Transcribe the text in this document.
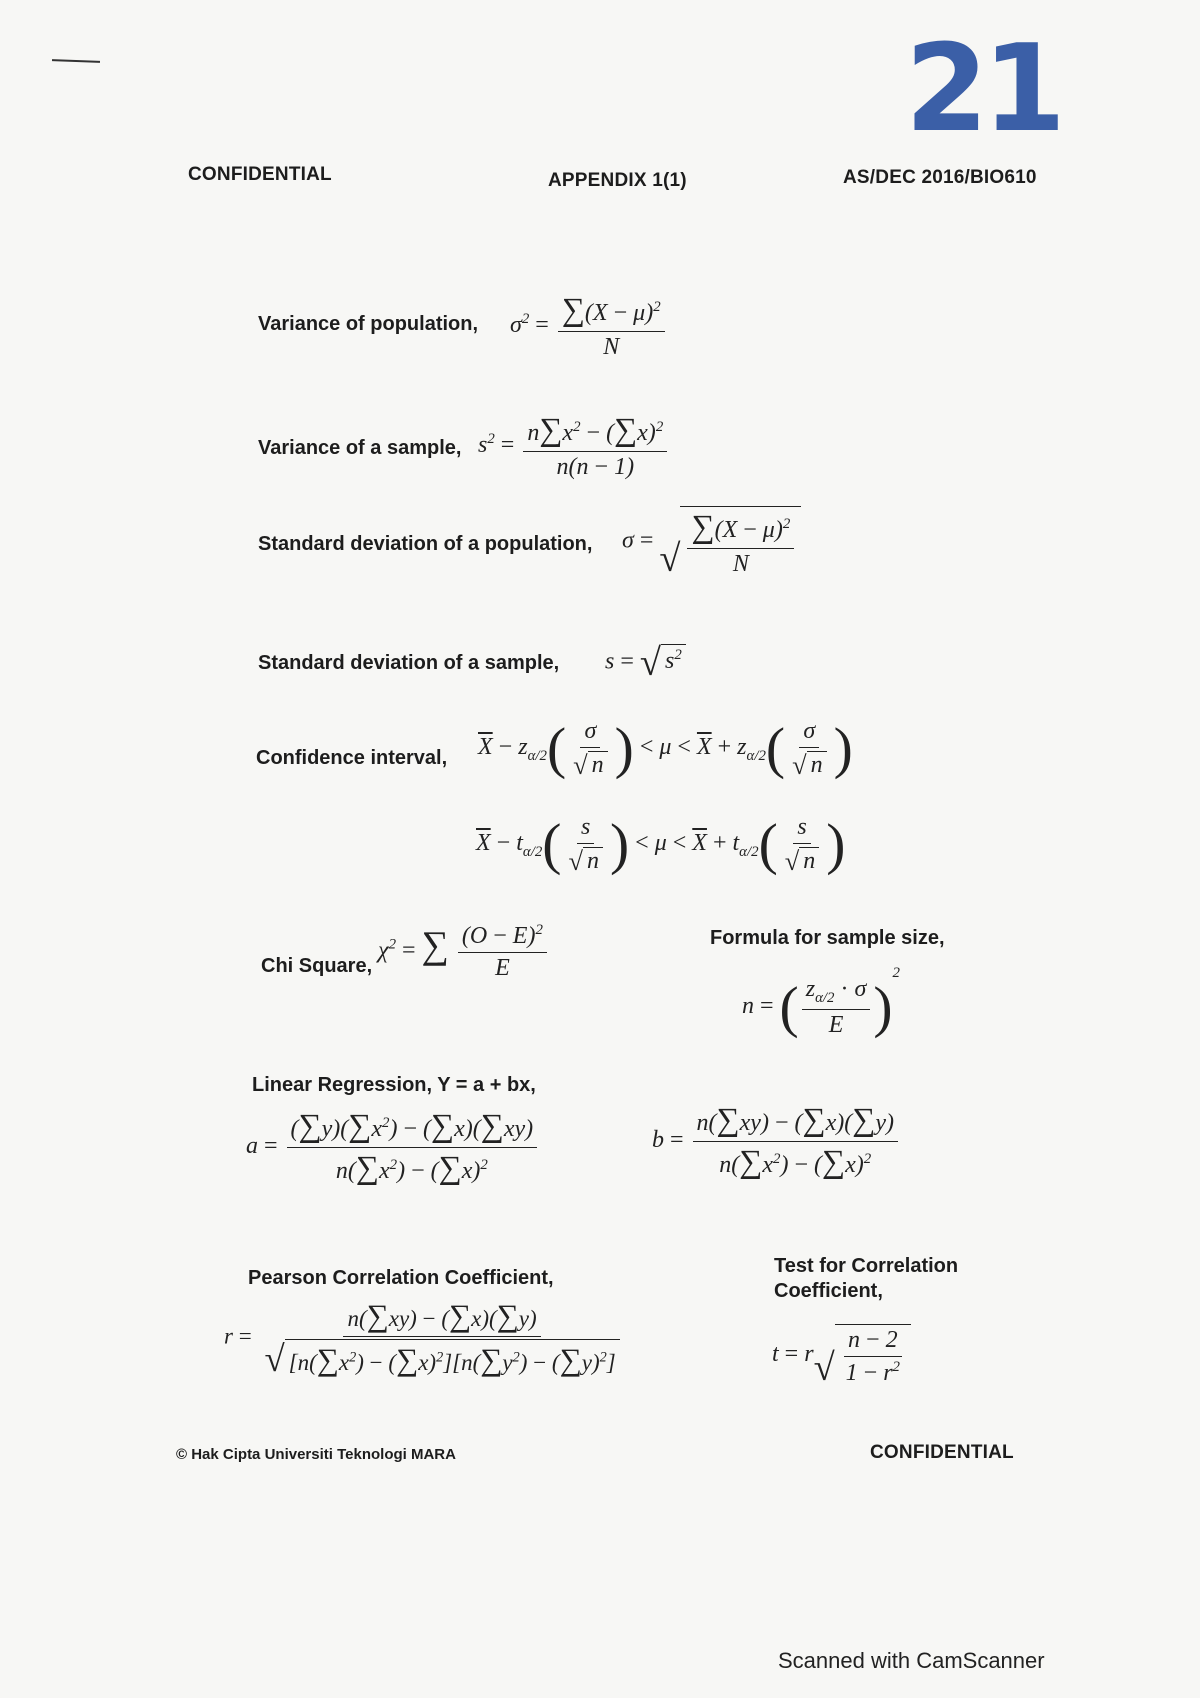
21
CONFIDENTIAL	APPENDIX 1(1)	AS/DEC 2016/BIO610
Variance of population, $\sigma^2 = \frac{\sum(X - \mu)^2}{N}$
Variance of a sample, $s^2 = \frac{n\sum x^2 - (\sum x)^2}{n(n - 1)}$
Standard deviation of a population, σ = √ $\frac{\sum(X - \mu)^2}{N}$
Standard deviation of a sample, s = √ $s^2$
Confidence interval, $\overline{X} - z_{\alpha/2}( \frac{\sigma}{√ n}$ ) < $\mu < \overline{X} + z_{\alpha/2}( \frac{\sigma}{√ n}$ )
$\overline{X} - t_{\alpha/2}( \frac{s}{√ n}$ ) < $\mu < \overline{X} + t_{\alpha/2}( \frac{s}{√ n}$ )
Chi Square,
$\chi^2$ = ∑ $\frac{(O - E)^2}{E}$	Formula for sample size,
n = ( $\frac{z_{\alpha/2} \cdot \sigma}{E} )^2$
Linear Regression, Y = a + bx,
$a = \frac{(\sum y)(\sum x^2) - (\sum x)(\sum xy)}{n(\sum x^2) - (\sum x)^2}$	$b = \frac{n(\sum xy) - (\sum x)(\sum y)}{n(\sum x^2) - (\sum x)^2}$
Pearson Correlation Coefficient,
$r = \frac{n(\sum xy) - (\sum x)(\sum y)}{√ [n(\sum x^2) - (\sum x)^2][n(\sum y^2) - (\sum y)^2]}$
Test for Correlation
Coefficient,
t = r √ $\frac{n - 2}{1 - r^2}$
© Hak Cipta Universiti Teknologi MARA	CONFIDENTIAL
Scanned with CamScanner
